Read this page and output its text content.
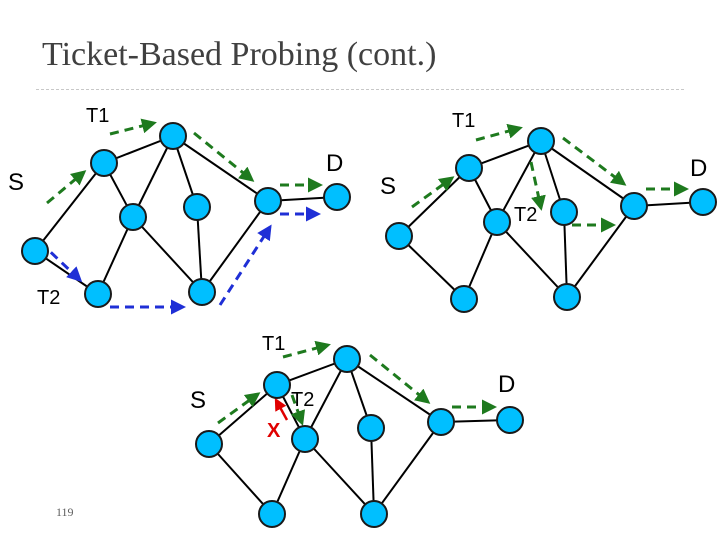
Ticket-Based Probing (cont.)
S
D
T1
T2
S
D
T1
T2
S
D
T1
T2
X
119
